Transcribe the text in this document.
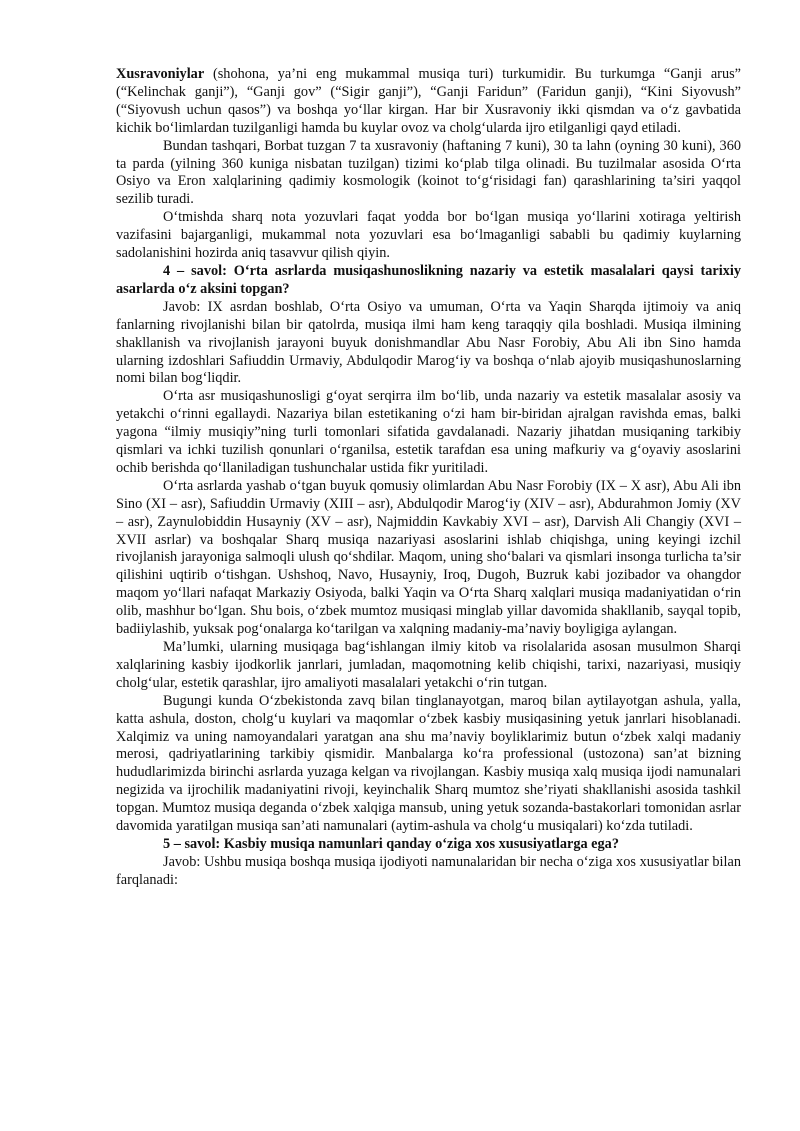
Xusravoniylar (shohona, ya’ni eng mukammal musiqa turi) turkumidir. Bu turkumga “Ganji arus” (“Kelinchak ganji”), “Ganji gov” (“Sigir ganji”), “Ganji Faridun” (Faridun ganji), “Kini Siyovush” (“Siyovush uchun qasos”) va boshqa yoʻllar kirgan. Har bir Xusravoniy ikki qismdan va oʻz gavbatida kichik boʻlimlardan tuzilganligi hamda bu kuylar ovoz va cholgʻularda ijro etilganligi qayd etiladi.

Bundan tashqari, Borbat tuzgan 7 ta xusravoniy (haftaning 7 kuni), 30 ta lahn (oyning 30 kuni), 360 ta parda (yilning 360 kuniga nisbatan tuzilgan) tizimi koʻplab tilga olinadi. Bu tuzilmalar asosida Oʻrta Osiyo va Eron xalqlarining qadimiy kosmologik (koinot toʻgʻrisidagi fan) qarashlarining ta’siri yaqqol sezilib turadi.

Oʻtmishda sharq nota yozuvlari faqat yodda bor boʻlgan musiqa yoʻllarini xotiraga yeltirish vazifasini bajarganligi, mukammal nota yozuvlari esa boʻlmaganligi sababli bu qadimiy kuylarning sadolanishini hozirda aniq tasavvur qilish qiyin.

4 – savol: Oʻrta asrlarda musiqashunoslikning nazariy va estetik masalalari qaysi tarixiy asarlarda oʻz aksini topgan?

Javob: IX asrdan boshlab, Oʻrta Osiyo va umuman, Oʻrta va Yaqin Sharqda ijtimoiy va aniq fanlarning rivojlanishi bilan bir qatolrda, musiqa ilmi ham keng taraqqiy qila boshladi. Musiqa ilmining shakllanish va rivojlanish jarayoni buyuk donishmandlar Abu Nasr Forobiy, Abu Ali ibn Sino hamda ularning izdoshlari Safiuddin Urmaviy, Abdulqodir Marogʻiy va boshqa oʻnlab ajoyib musiqashunoslarning nomi bilan bogʻliqdir.

Oʻrta asr musiqashunosligi gʻoyat serqirra ilm boʻlib, unda nazariy va estetik masalalar asosiy va yetakchi oʻrinni egallaydi. Nazariya bilan estetikaning oʻzi ham bir-biridan ajralgan ravishda emas, balki yagona “ilmiy musiqiy”ning turli tomonlari sifatida gavdalanadi. Nazariy jihatdan musiqaning tarkibiy qismlari va ichki tuzilish qonunlari oʻrganilsa, estetik tarafdan esa uning mafkuriy va gʻoyaviy asoslarini ochib berishda qoʻllaniladigan tushunchalar ustida fikr yuritiladi.

Oʻrta asrlarda yashab oʻtgan buyuk qomusiy olimlardan Abu Nasr Forobiy (IX – X asr), Abu Ali ibn Sino (XI – asr), Safiuddin Urmaviy (XIII – asr), Abdulqodir Marogʻiy (XIV – asr), Abdurahmon Jomiy (XV – asr), Zaynulobiddin Husayniy (XV – asr), Najmiddin Kavkabiy XVI – asr), Darvish Ali Changiy (XVI – XVII asrlar) va boshqalar Sharq musiqa nazariyasi asoslarini ishlab chiqishga, uning keyingi izchil rivojlanish jarayoniga salmoqli ulush qoʻshdilar. Maqom, uning shoʻbalari va qismlari insonga turlicha ta’sir qilishini uqtirib oʻtishgan. Ushshoq, Navo, Husayniy, Iroq, Dugoh, Buzruk kabi jozibador va ohangdor maqom yoʻllari nafaqat Markaziy Osiyoda, balki Yaqin va Oʻrta Sharq xalqlari musiqa madaniyatidan oʻrin olib, mashhur boʻlgan. Shu bois, oʻzbek mumtoz musiqasi minglab yillar davomida shakllanib, sayqal topib, badiiylashib, yuksak pogʻonalarga koʻtarilgan va xalqning madaniy-ma’naviy boyligiga aylangan.

Ma’lumki, ularning musiqaga bagʻishlangan ilmiy kitob va risolalarida asosan musulmon Sharqi xalqlarining kasbiy ijodkorlik janrlari, jumladan, maqomotning kelib chiqishi, tarixi, nazariyasi, musiqiy cholgʻular, estetik qarashlar, ijro amaliyoti masalalari yetakchi oʻrin tutgan.

Bugungi kunda Oʻzbekistonda zavq bilan tinglanayotgan, maroq bilan aytilayotgan ashula, yalla, katta ashula, doston, cholgʻu kuylari va maqomlar oʻzbek kasbiy musiqasining yetuk janrlari hisoblanadi. Xalqimiz va uning namoyandalari yaratgan ana shu ma’naviy boyliklarimiz butun oʻzbek xalqi madaniy merosi, qadriyatlarining tarkibiy qismidir. Manbalarga koʻra professional (ustozona) san’at bizning hududlarimizda birinchi asrlarda yuzaga kelgan va rivojlangan. Kasbiy musiqa xalq musiqa ijodi namunalari negizida va ijrochilik madaniyatini rivoji, keyinchalik Sharq mumtoz she’riyati shakllanishi asosida tashkil topgan. Mumtoz musiqa deganda oʻzbek xalqiga mansub, uning yetuk sozanda-bastakorlari tomonidan asrlar davomida yaratilgan musiqa san’ati namunalari (aytim-ashula va cholgʻu musiqalari) koʻzda tutiladi.

5 – savol: Kasbiy musiqa namunlari qanday oʻziga xos xususiyatlarga ega?

Javob: Ushbu musiqa boshqa musiqa ijodiyoti namunalaridan bir necha oʻziga xos xususiyatlar bilan farqlanadi:
